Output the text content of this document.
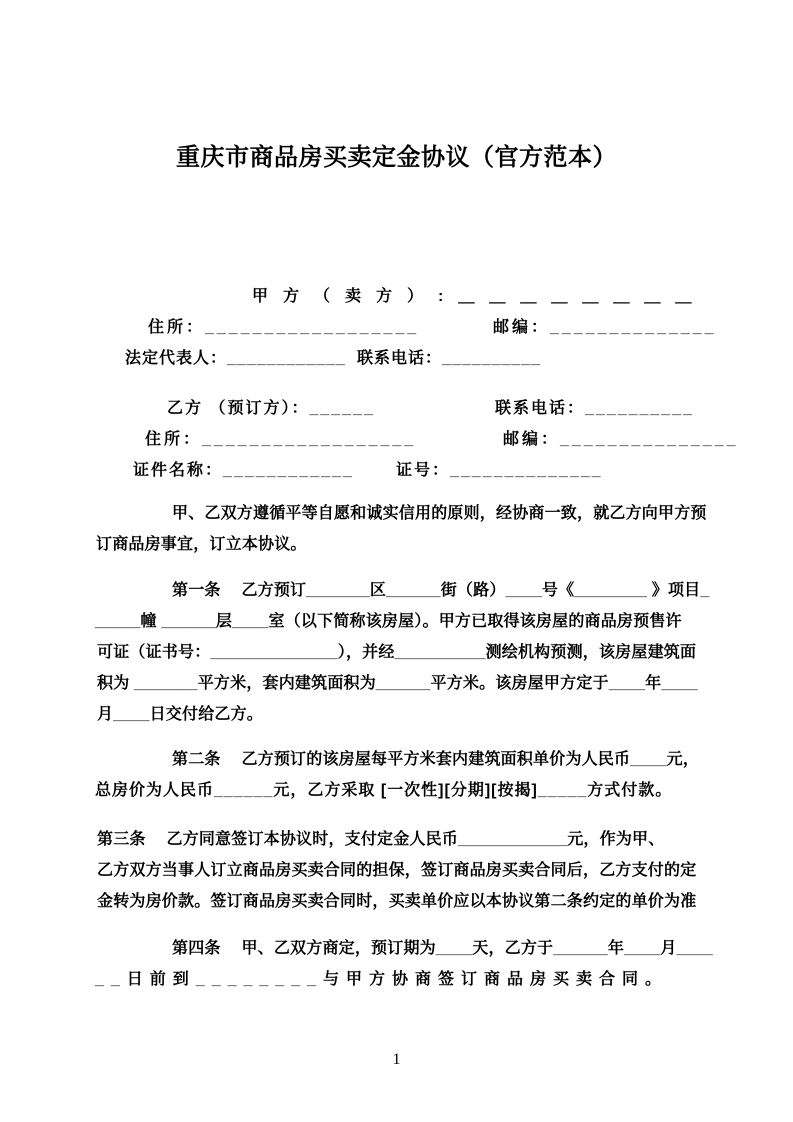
重庆市商品房买卖定金协议（官方范本）
甲方（卖方）:＿＿＿＿＿＿＿＿
住所：__________________	邮编：______________
法定代表人：____________ 联系电话：__________
乙方 （预订方）：______	联系电话：__________
住所：__________________	邮编：_______________
证件名称：____________	证号：______________
甲、乙双方遵循平等自愿和诚实信用的原则，经协商一致，就乙方向甲方预
订商品房事宜，订立本协议。
第一条　 乙方预订_______区______街（路）____号《________ 》项目_
_____幢 ______层____室（以下简称该房屋）。甲方已取得该房屋的商品房预售许
可证（证书号：______________），并经__________测绘机构预测，该房屋建筑面
积为 _______平方米，套内建筑面积为______平方米。该房屋甲方定于____年____
月____日交付给乙方。
第二条　 乙方预订的该房屋每平方米套内建筑面积单价为人民币____元，
总房价为人民币______元，乙方采取 [一次性][分期][按揭]_____方式付款。
第三条　 乙方同意签订本协议时，支付定金人民币____________元，作为甲、
乙方双方当事人订立商品房买卖合同的担保，签订商品房买卖合同后，乙方支付的定
金转为房价款。签订商品房买卖合同时，买卖单价应以本协议第二条约定的单价为准
第四条　 甲、乙双方商定，预订期为____天，乙方于______年____月____
__日前到________与甲方协商签订商品房买卖合同。
1
